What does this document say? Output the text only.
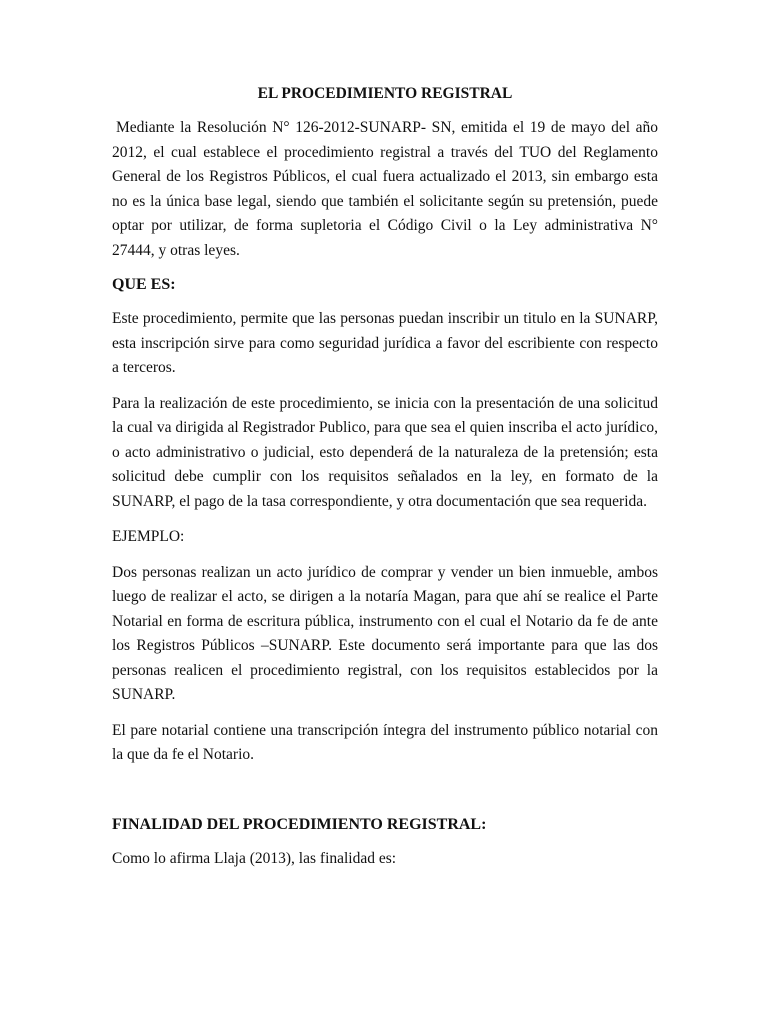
EL PROCEDIMIENTO REGISTRAL

Mediante la Resolución N° 126-2012-SUNARP- SN, emitida el 19 de mayo del año 2012, el cual establece el procedimiento registral a través del TUO del Reglamento General de los Registros Públicos, el cual fuera actualizado el 2013, sin embargo esta no es la única base legal, siendo que también el solicitante según su pretensión, puede optar por utilizar, de forma supletoria el Código Civil o la Ley administrativa N° 27444, y otras leyes.

QUE ES:

Este procedimiento, permite que las personas puedan inscribir un titulo en la SUNARP, esta inscripción sirve para como seguridad jurídica a favor del escribiente con respecto a terceros.

Para la realización de este procedimiento, se inicia con la presentación de una solicitud la cual va dirigida al Registrador Publico, para que sea el quien inscriba el acto jurídico, o acto administrativo o judicial, esto dependerá de la naturaleza de la pretensión; esta solicitud debe cumplir con los requisitos señalados en la ley, en formato de la SUNARP, el pago de la tasa correspondiente, y otra documentación que sea requerida.

EJEMPLO:

Dos personas realizan un acto jurídico de comprar y vender un bien inmueble, ambos luego de realizar el acto, se dirigen a la notaría Magan, para que ahí se realice el Parte Notarial en forma de escritura pública, instrumento con el cual el Notario da fe de ante los Registros Públicos –SUNARP. Este documento será importante para que las dos personas realicen el procedimiento registral, con los requisitos establecidos por la SUNARP.

El pare notarial contiene una transcripción íntegra del instrumento público notarial con la que da fe el Notario.

FINALIDAD DEL PROCEDIMIENTO REGISTRAL:

Como lo afirma Llaja (2013), las finalidad es:
